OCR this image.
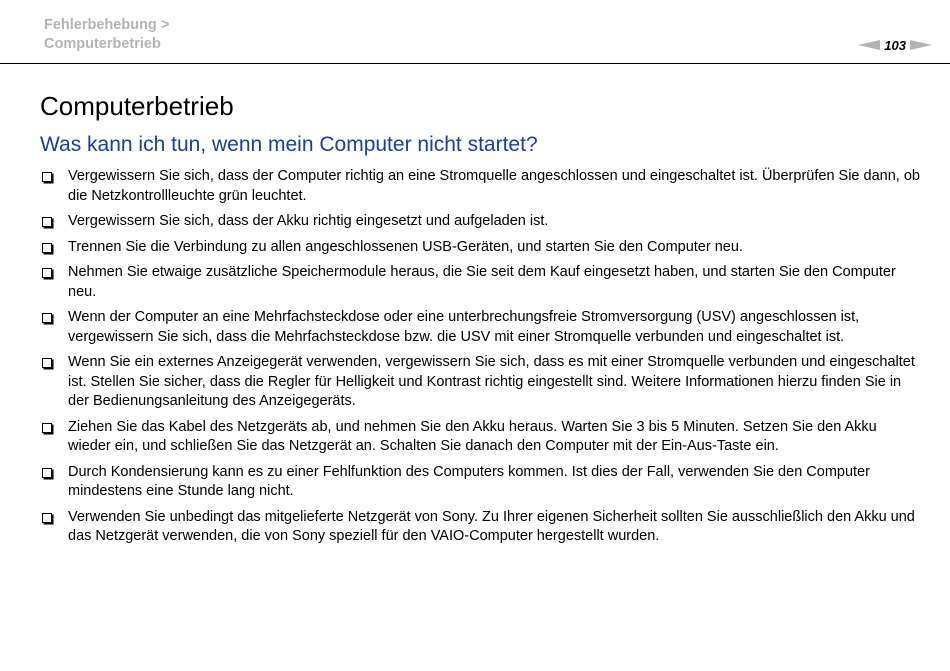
Fehlerbehebung >
Computerbetrieb	103
Computerbetrieb
Was kann ich tun, wenn mein Computer nicht startet?
Vergewissern Sie sich, dass der Computer richtig an eine Stromquelle angeschlossen und eingeschaltet ist. Überprüfen Sie dann, ob die Netzkontrollleuchte grün leuchtet.
Vergewissern Sie sich, dass der Akku richtig eingesetzt und aufgeladen ist.
Trennen Sie die Verbindung zu allen angeschlossenen USB-Geräten, und starten Sie den Computer neu.
Nehmen Sie etwaige zusätzliche Speichermodule heraus, die Sie seit dem Kauf eingesetzt haben, und starten Sie den Computer neu.
Wenn der Computer an eine Mehrfachsteckdose oder eine unterbrechungsfreie Stromversorgung (USV) angeschlossen ist, vergewissern Sie sich, dass die Mehrfachsteckdose bzw. die USV mit einer Stromquelle verbunden und eingeschaltet ist.
Wenn Sie ein externes Anzeigegerät verwenden, vergewissern Sie sich, dass es mit einer Stromquelle verbunden und eingeschaltet ist. Stellen Sie sicher, dass die Regler für Helligkeit und Kontrast richtig eingestellt sind. Weitere Informationen hierzu finden Sie in der Bedienungsanleitung des Anzeigegeräts.
Ziehen Sie das Kabel des Netzgeräts ab, und nehmen Sie den Akku heraus. Warten Sie 3 bis 5 Minuten. Setzen Sie den Akku wieder ein, und schließen Sie das Netzgerät an. Schalten Sie danach den Computer mit der Ein-Aus-Taste ein.
Durch Kondensierung kann es zu einer Fehlfunktion des Computers kommen. Ist dies der Fall, verwenden Sie den Computer mindestens eine Stunde lang nicht.
Verwenden Sie unbedingt das mitgelieferte Netzgerät von Sony. Zu Ihrer eigenen Sicherheit sollten Sie ausschließlich den Akku und das Netzgerät verwenden, die von Sony speziell für den VAIO-Computer hergestellt wurden.
